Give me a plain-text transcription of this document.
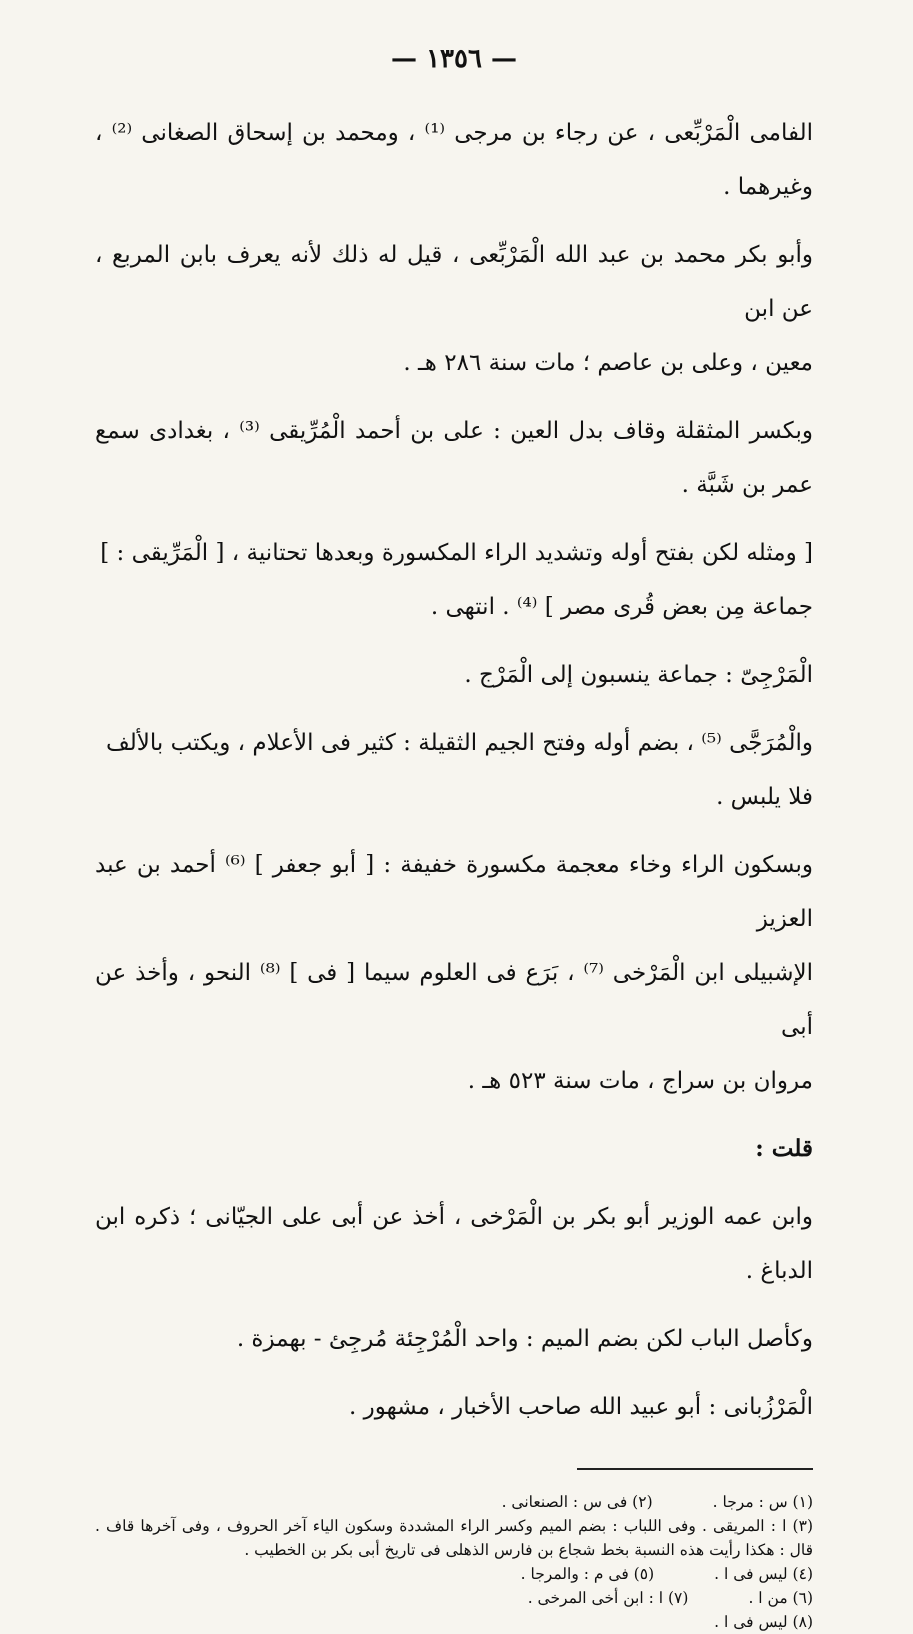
— ١٣٥٦ —

الفامى الْمَرْبِّعى ، عن رجاء بن مرجى ⁽¹⁾ ، ومحمد بن إسحاق الصغانى ⁽²⁾ ، وغيرهما .

وأبو بكر محمد بن عبد الله الْمَرْبِّعى ، قيل له ذلك لأنه يعرف بابن المربع ، عن ابن

معين ، وعلى بن عاصم ؛ مات سنة ٢٨٦ هـ .

وبكسر المثقلة وقاف بدل العين : على بن أحمد الْمُرِّيقى ⁽³⁾ ، بغدادى سمع عمر بن شَبَّة .

[ ومثله لكن بفتح أوله وتشديد الراء المكسورة وبعدها تحتانية ، [ الْمَرِّيقى : ]

جماعة مِن بعض قُرى مصر ] ⁽⁴⁾ . انتهى .

الْمَرْجِىّ : جماعة ينسبون إلى الْمَرْج .

والْمُرَجَّى ⁽⁵⁾ ، بضم أوله وفتح الجيم الثقيلة : كثير فى الأعلام ، ويكتب بالألف

فلا يلبس .

وبسكون الراء وخاء معجمة مكسورة خفيفة : [ أبو جعفر ] ⁽⁶⁾ أحمد بن عبد العزيز

الإشبيلى ابن الْمَرْخى ⁽⁷⁾ ، بَرَع فى العلوم سيما [ فى ] ⁽⁸⁾ النحو ، وأخذ عن أبى

مروان بن سراج ، مات سنة ٥٢٣ هـ .

قلت :

وابن عمه الوزير أبو بكر بن الْمَرْخى ، أخذ عن أبى على الجيّانى ؛ ذكره ابن الدباغ .

وكأصل الباب لكن بضم الميم : واحد الْمُرْجِئة مُرجِئ - بهمزة .

الْمَرْزُبانى : أبو عبيد الله صاحب الأخبار ، مشهور .

(١) س : مرجا .
(٢) فى س : الصنعانى .
(٣) ا : المريقى . وفى اللباب : بضم الميم وكسر الراء المشددة وسكون الياء آخر الحروف ، وفى آخرها قاف . قال : هكذا رأيت هذه النسبة بخط شجاع بن فارس الذهلى فى تاريخ أبى بكر بن الخطيب .
(٤) ليس فى ا .
(٥) فى م : والمرجا .
(٦) من ا .
(٧) ا : ابن أخى المرخى .
(٨) ليس فى ا .
